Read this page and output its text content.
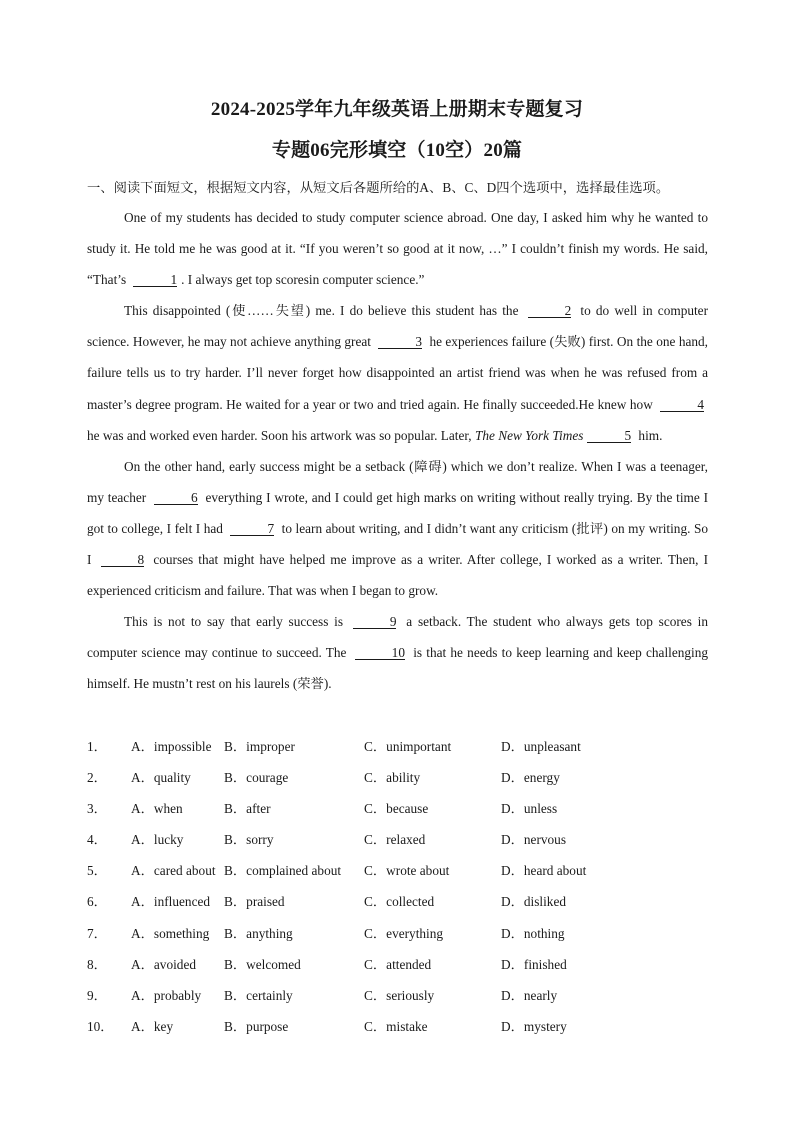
2024-2025学年九年级英语上册期末专题复习
专题06完形填空（10空）20篇
一、阅读下面短文，根据短文内容，从短文后各题所给的A、B、C、D四个选项中，选择最佳选项。

One of my students has decided to study computer science abroad. One day, I asked him why he wanted to study it. He told me he was good at it. “If you weren’t so good at it now, …” I couldn’t finish my words. He said, “That’s	1 . I always get top scoresin computer science.”

This disappointed (使……失望) me. I do believe this student has the	2 to do well in computer science. However, he may not achieve anything great	3 he experiences failure (失败) first. On the one hand, failure tells us to try harder. I’ll never forget how disappointed an artist friend was when he was refused from a master’s degree program. He waited for a year or two and tried again. He finally succeeded.He knew how	4 he was and worked even harder. Soon his artwork was so popular. Later, The New York Times	5 him.

On the other hand, early success might be a setback (障碍) which we don’t realize. When I was a teenager, my teacher	6 everything I wrote, and I could get high marks on writing without really trying. By the time I got to college, I felt I had	7 to learn about writing, and I didn’t want any criticism (批评) on my writing. So I	8 courses that might have helped me improve as a writer. After college, I worked as a writer. Then, I experienced criticism and failure. That was when I began to grow.

This is not to say that early success is	9 a setback. The student who always gets top scores in computer science may continue to succeed. The	10 is that he needs to keep learning and keep challenging himself. He mustn’t rest on his laurels (荣誉).

1． A．impossible B．improper	C．unimportant	D．unpleasant
2． A．quality B．courage	C．ability	D．energy
3． A．when	B．after	C．because	D．unless
4． A．lucky	B．sorry	C．relaxed	D．nervous
5． A．cared about B．complained about C．wrote about	D．heard about
6． A．influenced B．praised	C．collected	D．disliked
7． A．something B．anything	C．everything	D．nothing
8． A．avoided B．welcomed	C．attended	D．finished
9． A．probably B．certainly	C．seriously	D．nearly
10． A．key	B．purpose	C．mistake	D．mystery
